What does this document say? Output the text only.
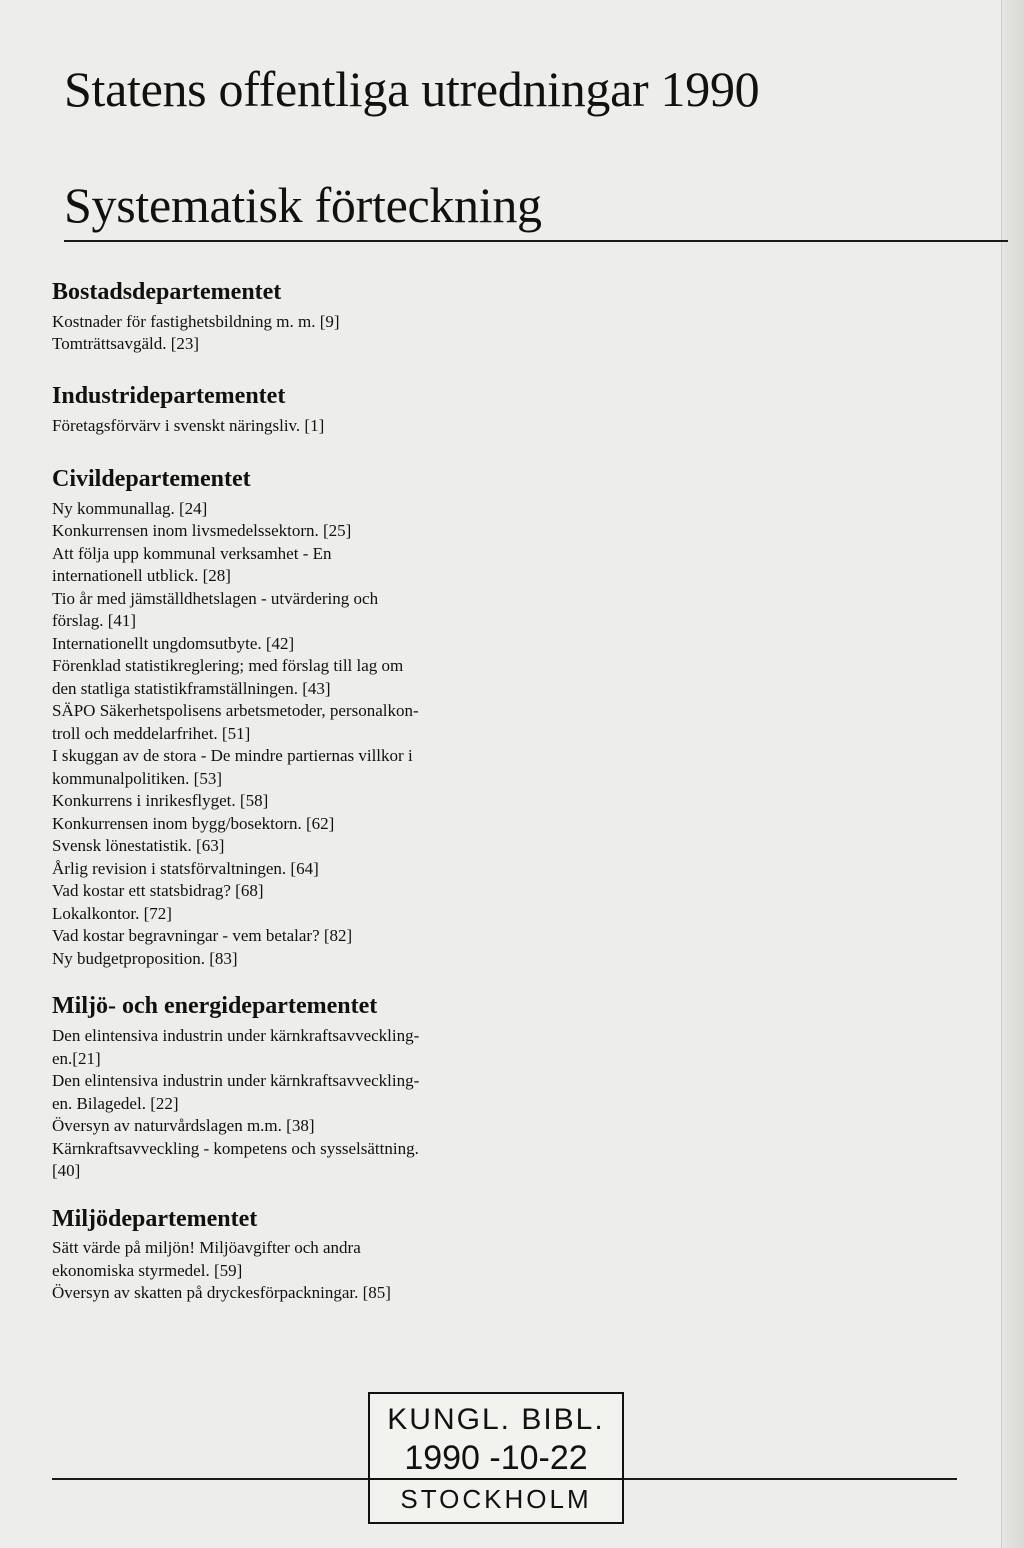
Statens offentliga utredningar 1990
Systematisk förteckning
Bostadsdepartementet
Kostnader för fastighetsbildning m. m. [9]
Tomträttsavgäld. [23]
Industridepartementet
Företagsförvärv i svenskt näringsliv. [1]
Civildepartementet
Ny kommunallag. [24]
Konkurrensen inom livsmedelssektorn. [25]
Att följa upp kommunal verksamhet - En
internationell utblick. [28]
Tio år med jämställdhetslagen - utvärdering och
förslag. [41]
Internationellt ungdomsutbyte. [42]
Förenklad statistikreglering; med förslag till lag om
den statliga statistikframställningen. [43]
SÄPO Säkerhetspolisens arbetsmetoder, personalkon-
troll och meddelarfrihet. [51]
I skuggan av de stora - De mindre partiernas villkor i
kommunalpolitiken. [53]
Konkurrens i inrikesflyget. [58]
Konkurrensen inom bygg/bosektorn. [62]
Svensk lönestatistik. [63]
Årlig revision i statsförvaltningen. [64]
Vad kostar ett statsbidrag? [68]
Lokalkontor. [72]
Vad kostar begravningar - vem betalar? [82]
Ny budgetproposition. [83]
Miljö- och energidepartementet
Den elintensiva industrin under kärnkraftsavveckling-
en.[21]
Den elintensiva industrin under kärnkraftsavveckling-
en. Bilagedel. [22]
Översyn av naturvårdslagen m.m. [38]
Kärnkraftsavveckling - kompetens och sysselsättning.
[40]
Miljödepartementet
Sätt värde på miljön! Miljöavgifter och andra
ekonomiska styrmedel. [59]
Översyn av skatten på dryckesförpackningar. [85]
KUNGL. BIBL.
1990 -10-22
STOCKHOLM
